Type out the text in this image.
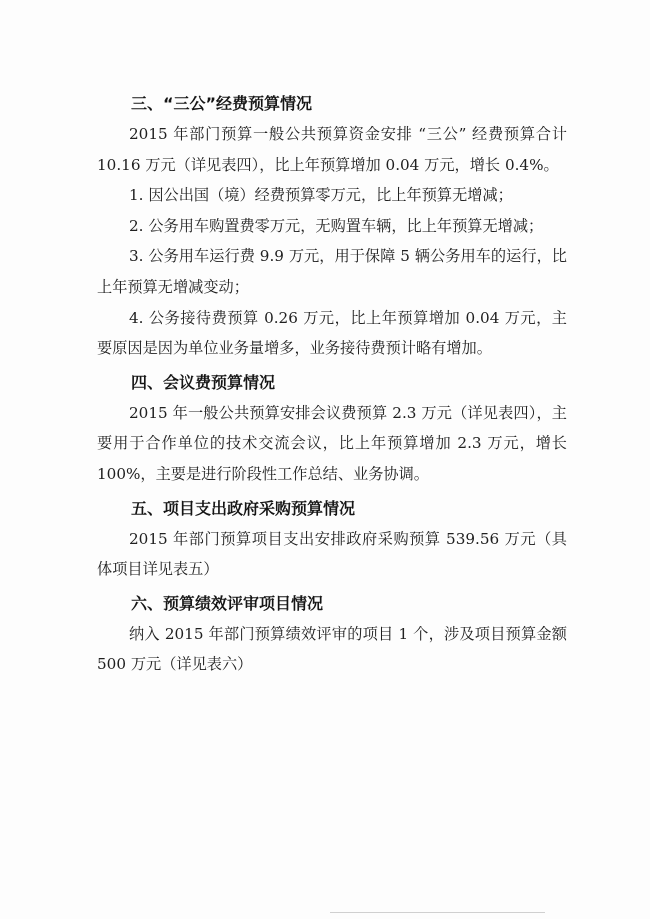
三、“三公”经费预算情况

2015 年部门预算一般公共预算资金安排 “三公” 经费预算合计 10.16 万元（详见表四），比上年预算增加 0.04 万元，增长 0.4%。

1. 因公出国（境）经费预算零万元，比上年预算无增减；

2. 公务用车购置费零万元，无购置车辆，比上年预算无增减；

3. 公务用车运行费 9.9 万元，用于保障 5 辆公务用车的运行，比上年预算无增减变动；

4. 公务接待费预算 0.26 万元，比上年预算增加 0.04 万元，主要原因是因为单位业务量增多，业务接待费预计略有增加。

四、会议费预算情况

2015 年一般公共预算安排会议费预算 2.3 万元（详见表四），主要用于合作单位的技术交流会议，比上年预算增加 2.3 万元，增长 100%，主要是进行阶段性工作总结、业务协调。

五、项目支出政府采购预算情况

2015 年部门预算项目支出安排政府采购预算 539.56 万元（具体项目详见表五）

六、预算绩效评审项目情况

纳入 2015 年部门预算绩效评审的项目 1 个，涉及项目预算金额 500 万元（详见表六）
